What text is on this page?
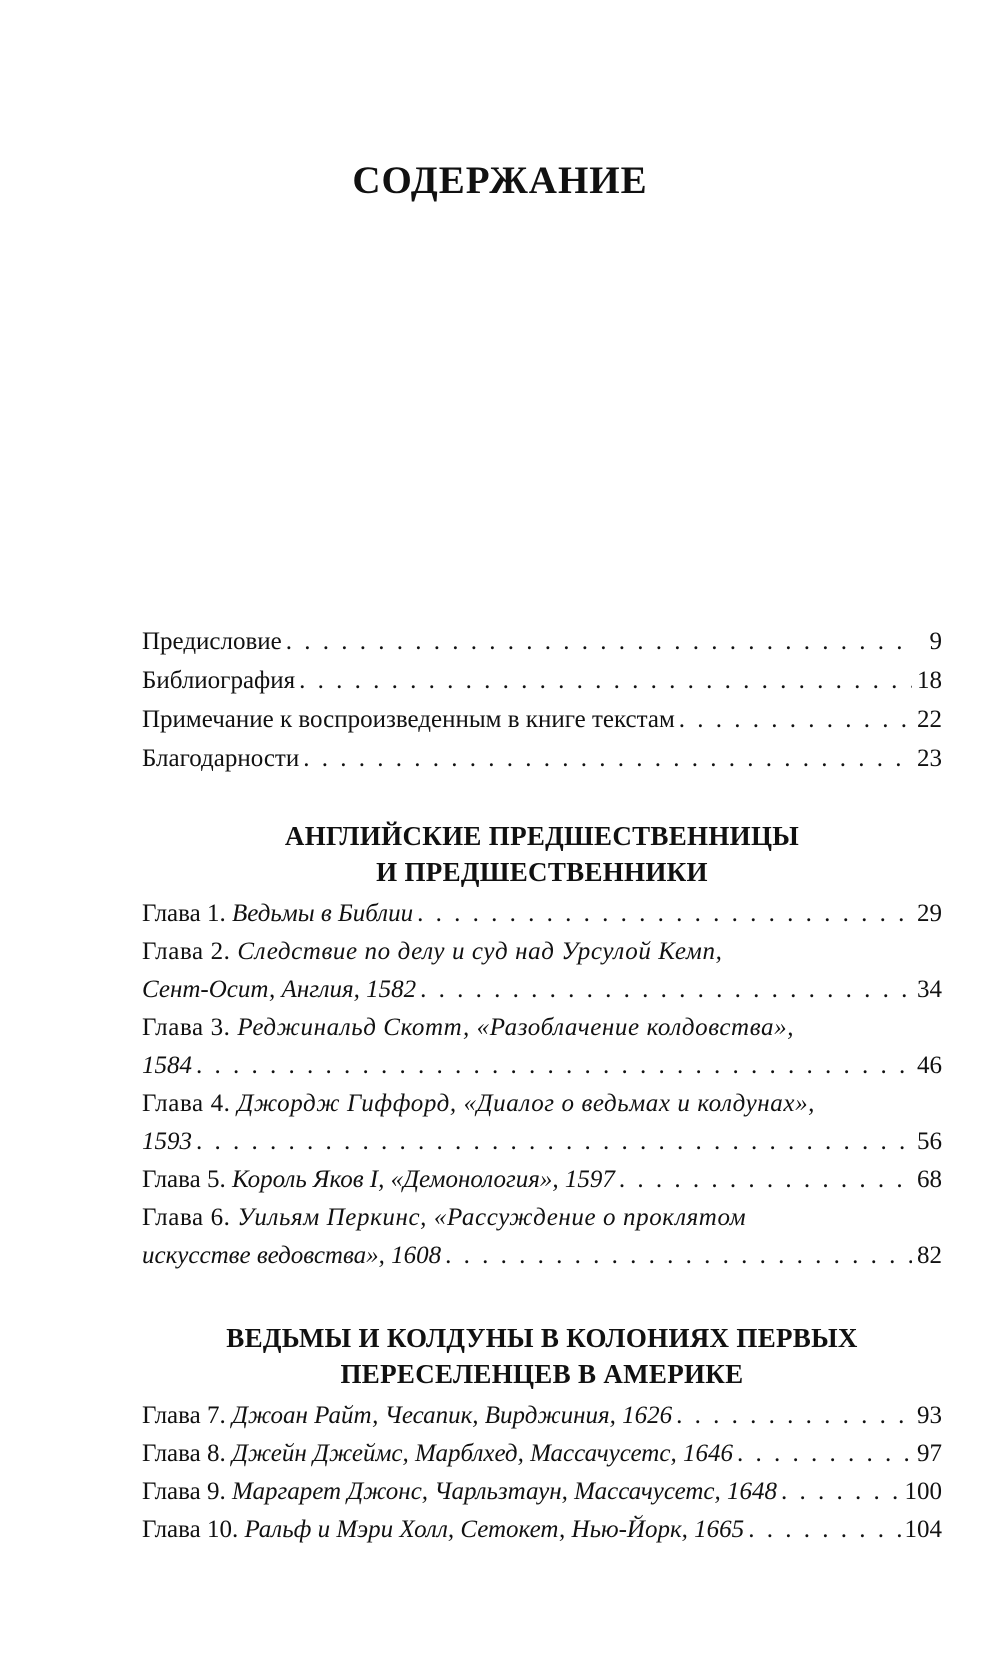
СОДЕРЖАНИЕ
Предисловие . . .	9
Библиография . . .	18
Примечание к воспроизведенным в книге текстам . . .	22
Благодарности . . .	23
АНГЛИЙСКИЕ ПРЕДШЕСТВЕННИЦЫ
И ПРЕДШЕСТВЕННИКИ
Глава 1. Ведьмы в Библии . . .	29
Глава 2. Следствие по делу и суд над Урсулой Кемп,
Сент-Осит, Англия, 1582 . . .	34
Глава 3. Реджинальд Скотт, «Разоблачение колдовства»,
1584 . . .	46
Глава 4. Джордж Гиффорд, «Диалог о ведьмах и колдунах»,
1593 . . .	56
Глава 5. Король Яков I, «Демонология», 1597 . . .	68
Глава 6. Уильям Перкинс, «Рассуждение о проклятом
искусстве ведовства», 1608 . . .	82
ВЕДЬМЫ И КОЛДУНЫ В КОЛОНИЯХ ПЕРВЫХ
ПЕРЕСЕЛЕНЦЕВ В АМЕРИКЕ
Глава 7. Джоан Райт, Чесапик, Вирджиния, 1626 . . .	93
Глава 8. Джейн Джеймс, Марблхед, Массачусетс, 1646 . . .	97
Глава 9. Маргарет Джонс, Чарльзтаун, Массачусетс, 1648 . . .	100
Глава 10. Ральф и Мэри Холл, Сетокет, Нью-Йорк, 1665 . . .	104
